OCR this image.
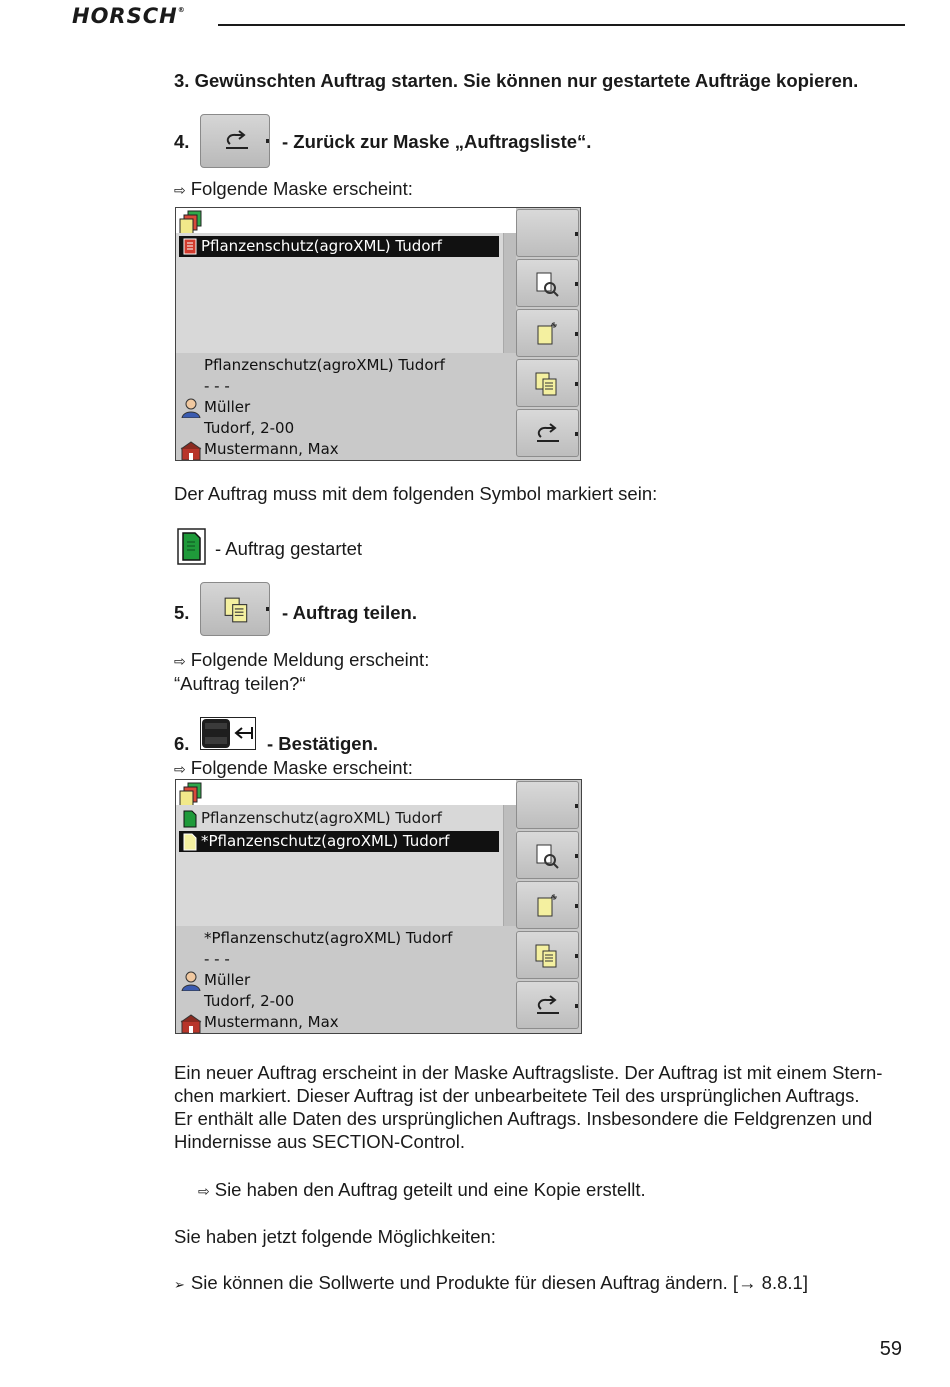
HORSCH®
3. Gewünschten Auftrag starten. Sie können nur gestartete Aufträge kopieren.
4.	- Zurück zur Maske „Auftragsliste“.
⇨ Folgende Maske erscheint:
Pflanzenschutz(agroXML) Tudorf
Pflanzenschutz(agroXML) Tudorf
- - -
Müller
Tudorf, 2-00
Mustermann, Max
Der Auftrag muss mit dem folgenden Symbol markiert sein:
- Auftrag gestartet
5.	- Auftrag teilen.
⇨ Folgende Meldung erscheint:
“Auftrag teilen?“
6.	- Bestätigen.
⇨ Folgende Maske erscheint:
Pflanzenschutz(agroXML) Tudorf
*Pflanzenschutz(agroXML) Tudorf
*Pflanzenschutz(agroXML) Tudorf
- - -
Müller
Tudorf, 2-00
Mustermann, Max
Ein neuer Auftrag erscheint in der Maske Auftragsliste. Der Auftrag ist mit einem Stern-
chen markiert. Dieser Auftrag ist der unbearbeitete Teil des ursprünglichen Auftrags.
Er enthält alle Daten des ursprünglichen Auftrags. Insbesondere die Feldgrenzen und
Hindernisse aus SECTION-Control.
⇨ Sie haben den Auftrag geteilt und eine Kopie erstellt.
Sie haben jetzt folgende Möglichkeiten:
➢ Sie können die Sollwerte und Produkte für diesen Auftrag ändern. [→ 8.8.1]
59
